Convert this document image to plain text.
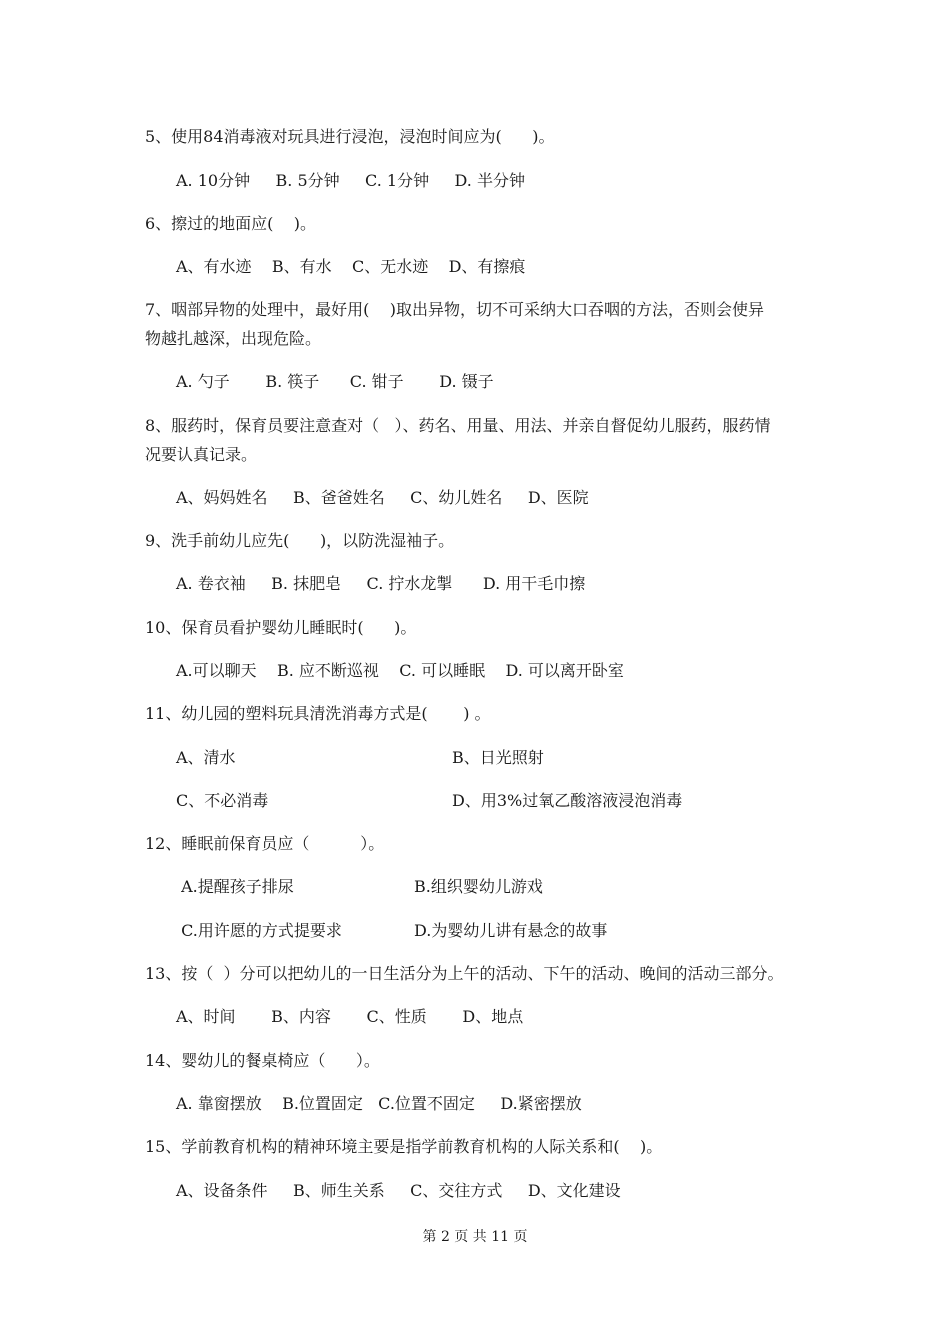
5、使用84消毒液对玩具进行浸泡，浸泡时间应为(      )。
A. 10分钟     B. 5分钟     C. 1分钟     D. 半分钟
6、擦过的地面应(    )。
A、有水迹    B、有水    C、无水迹    D、有擦痕
7、咽部异物的处理中，最好用(    )取出异物，切不可采纳大口吞咽的方法，否则会使异
物越扎越深，出现危险。
A. 勺子       B. 筷子      C. 钳子       D. 镊子
8、服药时，保育员要注意查对（   ）、药名、用量、用法、并亲自督促幼儿服药，服药情
况要认真记录。
A、妈妈姓名     B、爸爸姓名     C、幼儿姓名     D、医院
9、洗手前幼儿应先(      )，以防洗湿袖子。
A. 卷衣袖     B. 抹肥皂     C. 拧水龙掣      D. 用干毛巾擦
10、保育员看护婴幼儿睡眠时(      )。
A.可以聊天    B. 应不断巡视    C. 可以睡眠    D. 可以离开卧室
11、幼儿园的塑料玩具清洗消毒方式是(       ) 。
A、清水	B、日光照射
C、不必消毒	D、用3%过氧乙酸溶液浸泡消毒
12、睡眠前保育员应（          ）。
A.提醒孩子排尿	B.组织婴幼儿游戏
C.用许愿的方式提要求	D.为婴幼儿讲有悬念的故事
13、按（  ）分可以把幼儿的一日生活分为上午的活动、下午的活动、晚间的活动三部分。
A、时间       B、内容       C、性质       D、地点
14、婴幼儿的餐桌椅应（      ）。
A. 靠窗摆放    B.位置固定   C.位置不固定     D.紧密摆放
15、学前教育机构的精神环境主要是指学前教育机构的人际关系和(    )。
A、设备条件     B、师生关系     C、交往方式     D、文化建设
第 2 页 共 11 页
